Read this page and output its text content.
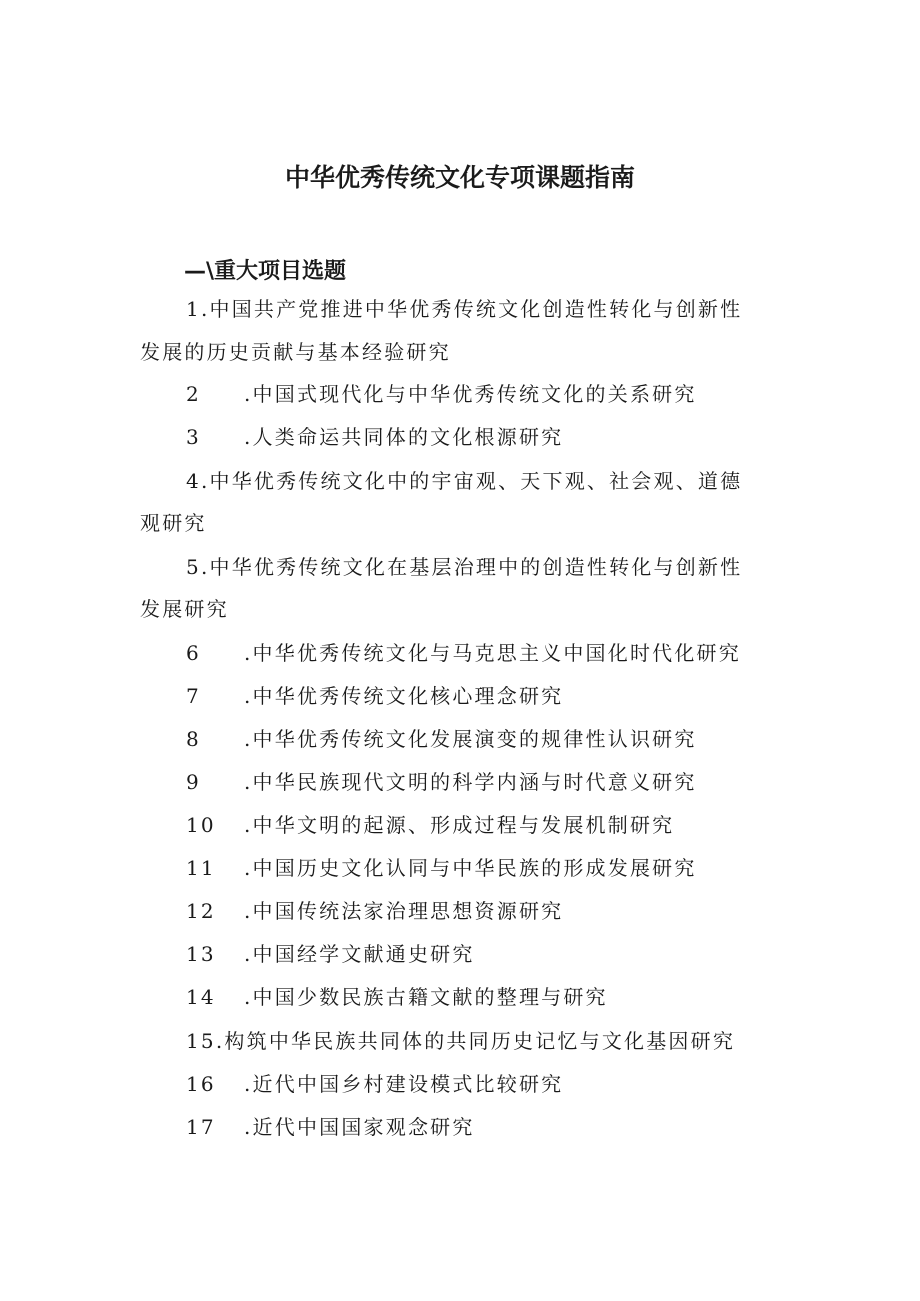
中华优秀传统文化专项课题指南
—\重大项目选题
1.中国共产党推进中华优秀传统文化创造性转化与创新性
发展的历史贡献与基本经验研究
2 .中国式现代化与中华优秀传统文化的关系研究
3 .人类命运共同体的文化根源研究
4.中华优秀传统文化中的宇宙观、天下观、社会观、道德
观研究
5.中华优秀传统文化在基层治理中的创造性转化与创新性
发展研究
6 .中华优秀传统文化与马克思主义中国化时代化研究
7 .中华优秀传统文化核心理念研究
8 .中华优秀传统文化发展演变的规律性认识研究
9 .中华民族现代文明的科学内涵与时代意义研究
10 .中华文明的起源、形成过程与发展机制研究
11 .中国历史文化认同与中华民族的形成发展研究
12 .中国传统法家治理思想资源研究
13 .中国经学文献通史研究
14 .中国少数民族古籍文献的整理与研究
15.构筑中华民族共同体的共同历史记忆与文化基因研究
16 .近代中国乡村建设模式比较研究
17 .近代中国国家观念研究
